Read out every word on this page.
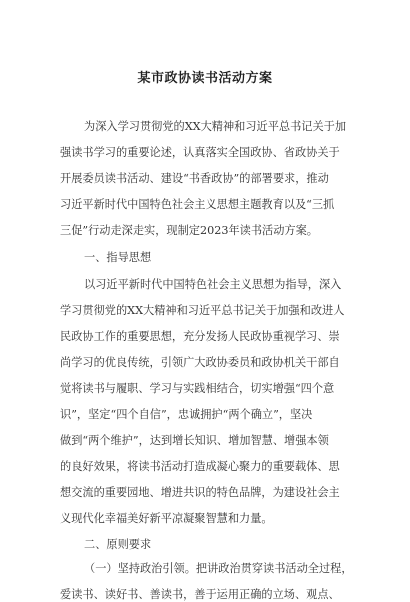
某市政协读书活动方案
为深入学习贯彻党的XX大精神和习近平总书记关于加
强读书学习的重要论述，认真落实全国政协、省政协关于
开展委员读书活动、建设“书香政协”的部署要求，推动
习近平新时代中国特色社会主义思想主题教育以及“三抓
三促”行动走深走实，现制定2023年读书活动方案。
一、指导思想
以习近平新时代中国特色社会主义思想为指导，深入
学习贯彻党的XX大精神和习近平总书记关于加强和改进人
民政协工作的重要思想，充分发扬人民政协重视学习、崇
尚学习的优良传统，引领广大政协委员和政协机关干部自
觉将读书与履职、学习与实践相结合，切实增强“四个意
识”，坚定“四个自信”，忠诚拥护“两个确立”，坚决
做到“两个维护”，达到增长知识、增加智慧、增强本领
的良好效果，将读书活动打造成凝心聚力的重要载体、思
想交流的重要园地、增进共识的特色品牌，为建设社会主
义现代化幸福美好新平凉凝聚智慧和力量。
二、原则要求
（一）坚持政治引领。把讲政治贯穿读书活动全过程，
爱读书、读好书、善读书，善于运用正确的立场、观点、
